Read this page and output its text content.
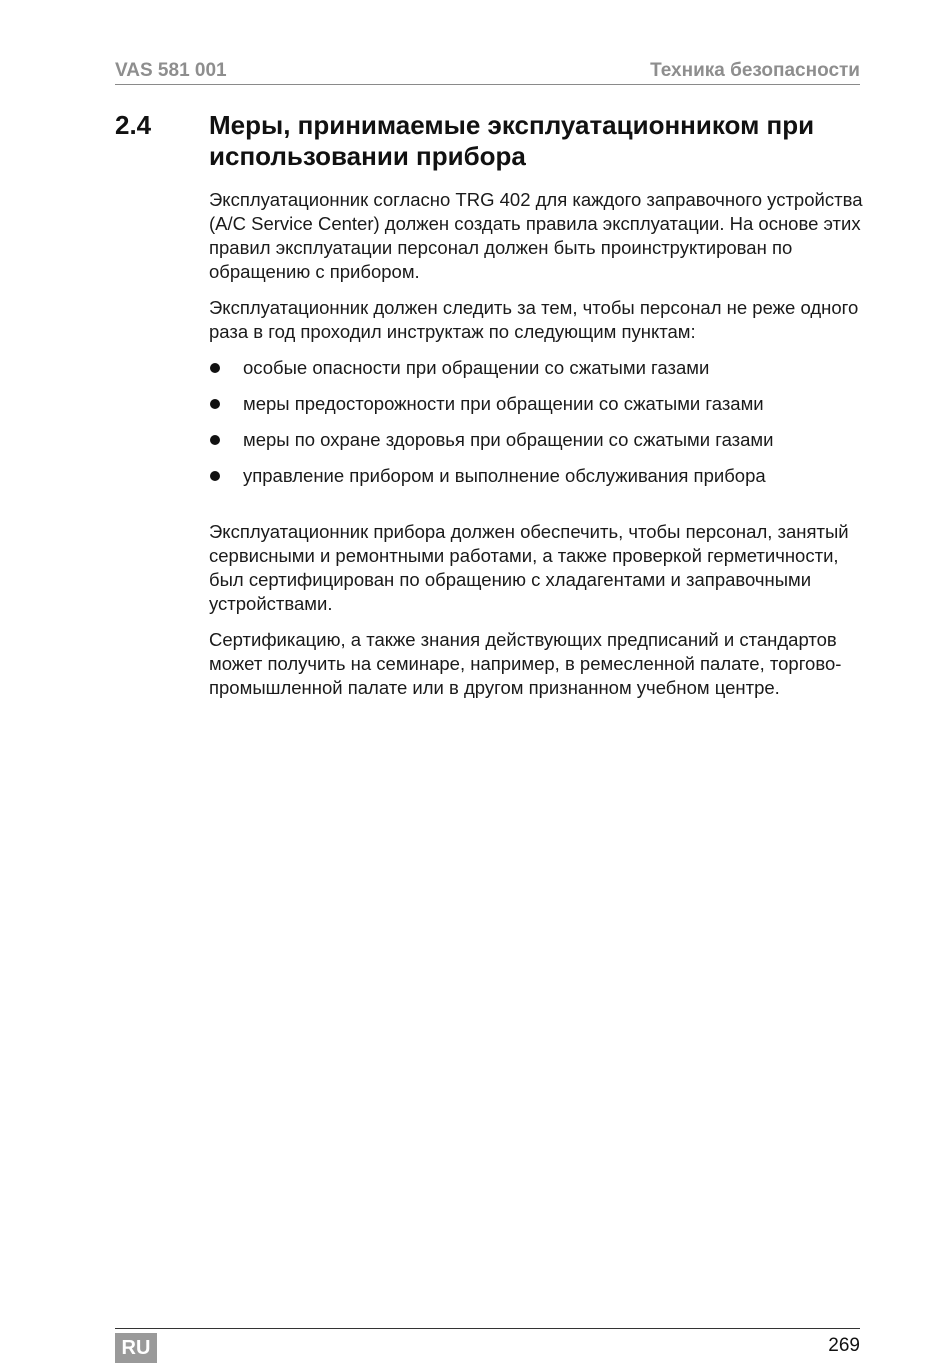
VAS 581 001	Техника безопасности
2.4 Меры, принимаемые эксплуатационником при использовании прибора

Эксплуатационник согласно TRG 402 для каждого заправочного устройства (A/C Service Center) должен создать правила эксплуатации. На основе этих правил эксплуатации персонал должен быть проинструктирован по обращению с прибором.

Эксплуатационник должен следить за тем, чтобы персонал не реже одного раза в год проходил инструктаж по следующим пунктам:

особые опасности при обращении со сжатыми газами
меры предосторожности при обращении со сжатыми газами
меры по охране здоровья при обращении со сжатыми газами
управление прибором и выполнение обслуживания прибора

Эксплуатационник прибора должен обеспечить, чтобы персонал, занятый сервисными и ремонтными работами, а также проверкой герметичности, был сертифицирован по обращению с хладагентами и заправочными устройствами.

Сертификацию, а также знания действующих предписаний и стандартов может получить на семинаре, например, в ремесленной палате, торгово-промышленной палате или в другом признанном учебном центре.

RU	269
